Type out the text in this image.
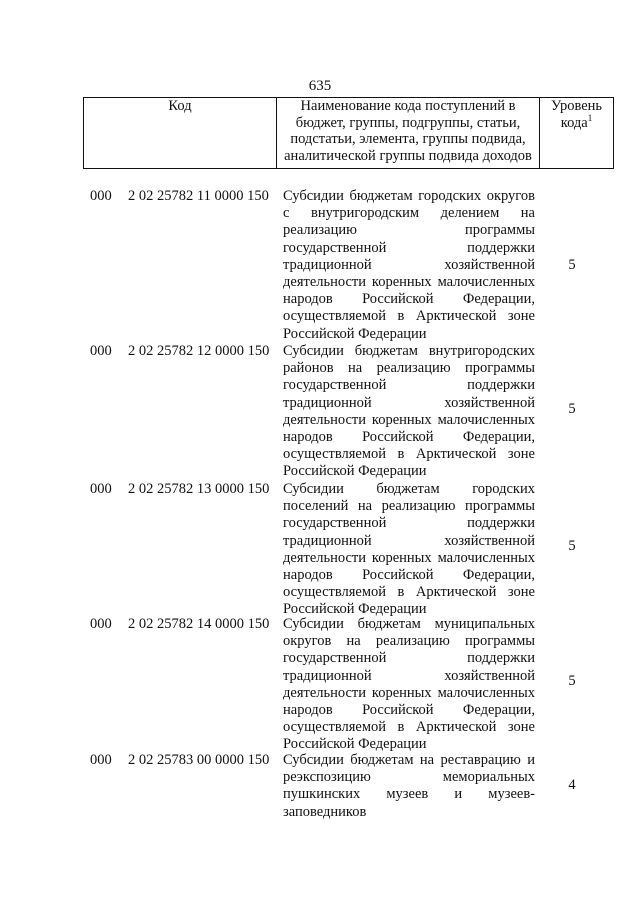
635
Код	Наименование кода поступлений в бюджет, группы, подгруппы, статьи, подстатьи, элемента, группы подвида, аналитической группы подвида доходов	Уровень кода$^1$
000	2 02 25782 11 0000 150 Субсидии бюджетам городских округов с внутригородским делением на реализацию программы государственной поддержки традиционной хозяйственной деятельности коренных малочисленных народов Российской Федерации, осуществляемой в Арктической зоне Российской Федерации
5
000	2 02 25782 12 0000 150 Субсидии бюджетам внутригородских районов на реализацию программы государственной поддержки традиционной хозяйственной деятельности коренных малочисленных народов Российской Федерации, осуществляемой в Арктической зоне Российской Федерации
5
000	2 02 25782 13 0000 150 Субсидии бюджетам городских поселений на реализацию программы государственной поддержки традиционной хозяйственной деятельности коренных малочисленных народов Российской Федерации, осуществляемой в Арктической зоне Российской Федерации
5
000	2 02 25782 14 0000 150 Субсидии бюджетам муниципальных округов на реализацию программы государственной поддержки традиционной хозяйственной деятельности коренных малочисленных народов Российской Федерации, осуществляемой в Арктической зоне Российской Федерации
5
000	2 02 25783 00 0000 150 Субсидии бюджетам на реставрацию и реэкспозицию мемориальных пушкинских музеев и музеев-заповедников
4
